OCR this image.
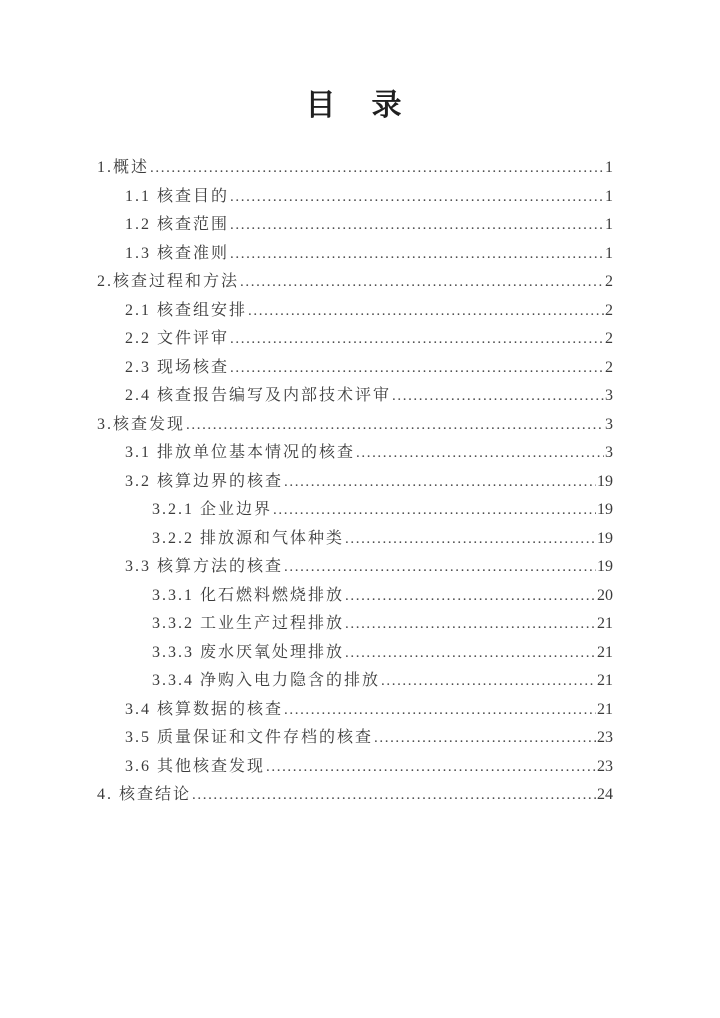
目　录
1.概述 .....	1
1.1 核查目的 .....	1
1.2 核查范围 .....	1
1.3 核查准则 .....	1
2.核查过程和方法 .....	2
2.1 核查组安排 .....	2
2.2 文件评审 .....	2
2.3 现场核查 .....	2
2.4 核查报告编写及内部技术评审 .....	3
3.核查发现 .....	3
3.1 排放单位基本情况的核查 .....	3
3.2 核算边界的核查 .....	19
3.2.1 企业边界 .....	19
3.2.2 排放源和气体种类 .....	19
3.3 核算方法的核查 .....	19
3.3.1 化石燃料燃烧排放 .....	20
3.3.2 工业生产过程排放 .....	21
3.3.3 废水厌氧处理排放 .....	21
3.3.4 净购入电力隐含的排放 .....	21
3.4 核算数据的核查 .....	21
3.5 质量保证和文件存档的核查 .....	23
3.6 其他核查发现 .....	23
4. 核查结论 .....	24
